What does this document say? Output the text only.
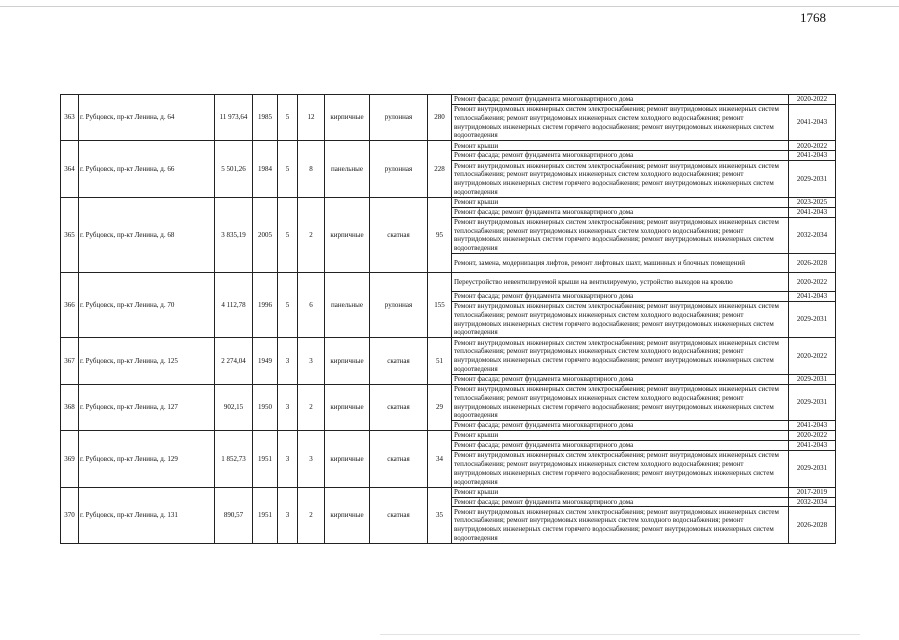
1768
363	г. Рубцовск, пр-кт Ленина, д. 64	11 973,64	1985	5	12	кирпичные	рулонная	280	Ремонт фасада; ремонт фундамента многоквартирного дома	2020-2022
									Ремонт внутридомовых инженерных систем электроснабжения; ремонт внутридомовых инженерных систем теплоснабжения; ремонт внутридомовых инженерных систем холодного водоснабжения; ремонт внутридомовых инженерных систем горячего водоснабжения; ремонт внутридомовых инженерных систем водоотведения	2041-2043
364	г. Рубцовск, пр-кт Ленина, д. 66	5 501,26	1984	5	8	панельные	рулонная	228	Ремонт крыши	2020-2022
									Ремонт фасада; ремонт фундамента многоквартирного дома	2041-2043
									Ремонт внутридомовых инженерных систем электроснабжения; ремонт внутридомовых инженерных систем теплоснабжения; ремонт внутридомовых инженерных систем холодного водоснабжения; ремонт внутридомовых инженерных систем горячего водоснабжения; ремонт внутридомовых инженерных систем водоотведения	2029-2031
365	г. Рубцовск, пр-кт Ленина, д. 68	3 835,19	2005	5	2	кирпичные	скатная	95	Ремонт крыши	2023-2025
									Ремонт фасада; ремонт фундамента многоквартирного дома	2041-2043
									Ремонт внутридомовых инженерных систем электроснабжения; ремонт внутридомовых инженерных систем теплоснабжения; ремонт внутридомовых инженерных систем холодного водоснабжения; ремонт внутридомовых инженерных систем горячего водоснабжения; ремонт внутридомовых инженерных систем водоотведения	2032-2034
									Ремонт, замена, модернизация лифтов, ремонт лифтовых шахт, машинных и блочных помещений	2026-2028
366	г. Рубцовск, пр-кт Ленина, д. 70	4 112,78	1996	5	6	панельные	рулонная	155	Переустройство невентилируемой крыши на вентилируемую, устройство выходов на кровлю	2020-2022
									Ремонт фасада; ремонт фундамента многоквартирного дома	2041-2043
									Ремонт внутридомовых инженерных систем электроснабжения; ремонт внутридомовых инженерных систем теплоснабжения; ремонт внутридомовых инженерных систем холодного водоснабжения; ремонт внутридомовых инженерных систем горячего водоснабжения; ремонт внутридомовых инженерных систем водоотведения	2029-2031
367	г. Рубцовск, пр-кт Ленина, д. 125	2 274,04	1949	3	3	кирпичные	скатная	51	Ремонт внутридомовых инженерных систем электроснабжения; ремонт внутридомовых инженерных систем теплоснабжения; ремонт внутридомовых инженерных систем холодного водоснабжения; ремонт внутридомовых инженерных систем горячего водоснабжения; ремонт внутридомовых инженерных систем водоотведения	2020-2022
									Ремонт фасада; ремонт фундамента многоквартирного дома	2029-2031
368	г. Рубцовск, пр-кт Ленина, д. 127	902,15	1950	3	2	кирпичные	скатная	29	Ремонт внутридомовых инженерных систем электроснабжения; ремонт внутридомовых инженерных систем теплоснабжения; ремонт внутридомовых инженерных систем холодного водоснабжения; ремонт внутридомовых инженерных систем горячего водоснабжения; ремонт внутридомовых инженерных систем водоотведения	2029-2031
									Ремонт фасада; ремонт фундамента многоквартирного дома	2041-2043
369	г. Рубцовск, пр-кт Ленина, д. 129	1 852,73	1951	3	3	кирпичные	скатная	34	Ремонт крыши	2020-2022
									Ремонт фасада; ремонт фундамента многоквартирного дома	2041-2043
									Ремонт внутридомовых инженерных систем электроснабжения; ремонт внутридомовых инженерных систем теплоснабжения; ремонт внутридомовых инженерных систем холодного водоснабжения; ремонт внутридомовых инженерных систем горячего водоснабжения; ремонт внутридомовых инженерных систем водоотведения	2029-2031
370	г. Рубцовск, пр-кт Ленина, д. 131	890,57	1951	3	2	кирпичные	скатная	35	Ремонт крыши	2017-2019
									Ремонт фасада; ремонт фундамента многоквартирного дома	2032-2034
									Ремонт внутридомовых инженерных систем электроснабжения; ремонт внутридомовых инженерных систем теплоснабжения; ремонт внутридомовых инженерных систем холодного водоснабжения; ремонт внутридомовых инженерных систем горячего водоснабжения; ремонт внутридомовых инженерных систем водоотведения	2026-2028
